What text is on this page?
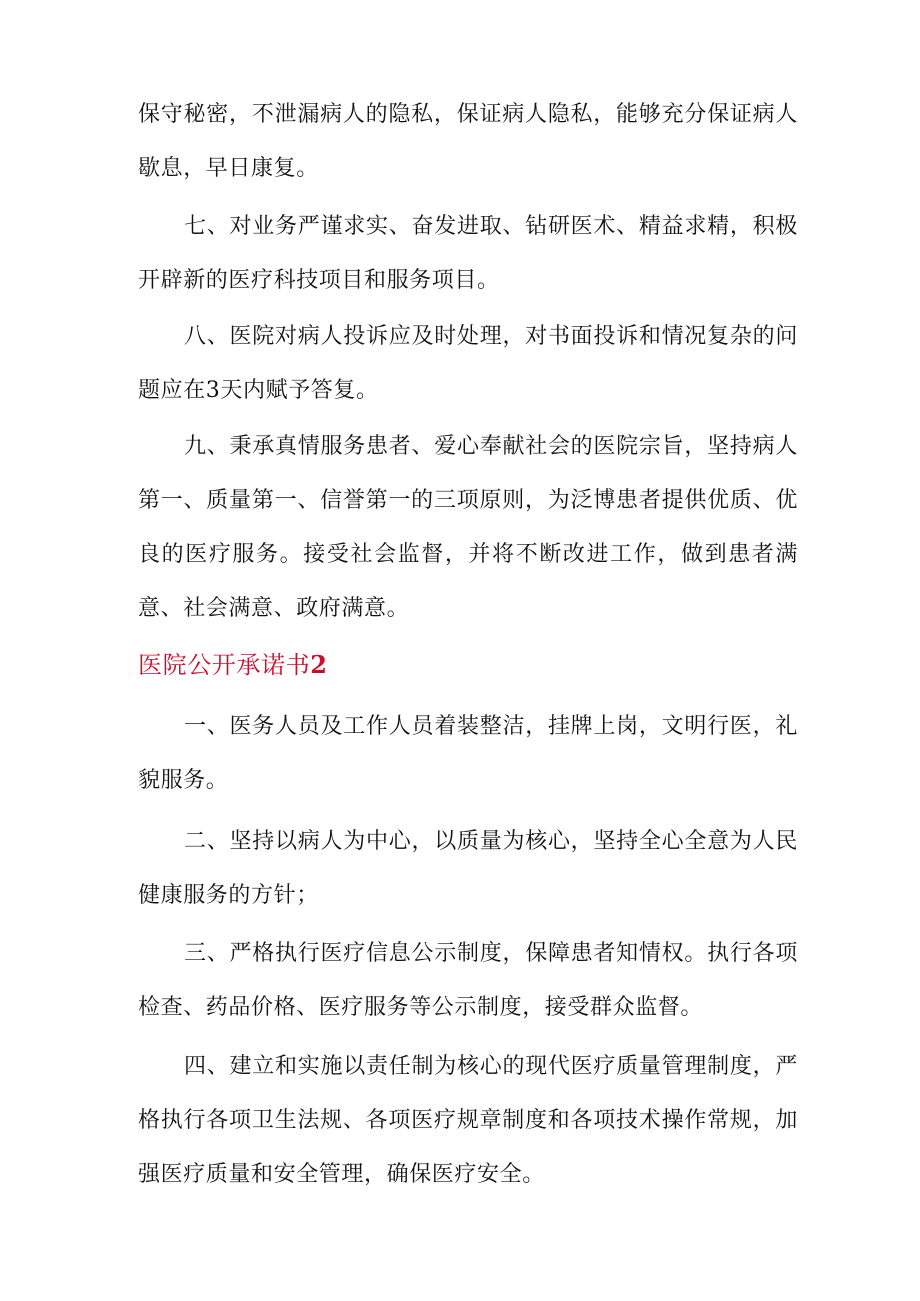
保守秘密，不泄漏病人的隐私，保证病人隐私，能够充分保证病人歇息，早日康复。

七、对业务严谨求实、奋发进取、钻研医术、精益求精，积极开辟新的医疗科技项目和服务项目。

八、医院对病人投诉应及时处理，对书面投诉和情况复杂的问题应在3天内赋予答复。

九、秉承真情服务患者、爱心奉献社会的医院宗旨，坚持病人第一、质量第一、信誉第一的三项原则，为泛博患者提供优质、优良的医疗服务。接受社会监督，并将不断改进工作，做到患者满意、社会满意、政府满意。

医院公开承诺书2

一、医务人员及工作人员着装整洁，挂牌上岗，文明行医，礼貌服务。

二、坚持以病人为中心，以质量为核心，坚持全心全意为人民健康服务的方针；

三、严格执行医疗信息公示制度，保障患者知情权。执行各项检查、药品价格、医疗服务等公示制度，接受群众监督。

四、建立和实施以责任制为核心的现代医疗质量管理制度，严格执行各项卫生法规、各项医疗规章制度和各项技术操作常规，加强医疗质量和安全管理，确保医疗安全。
